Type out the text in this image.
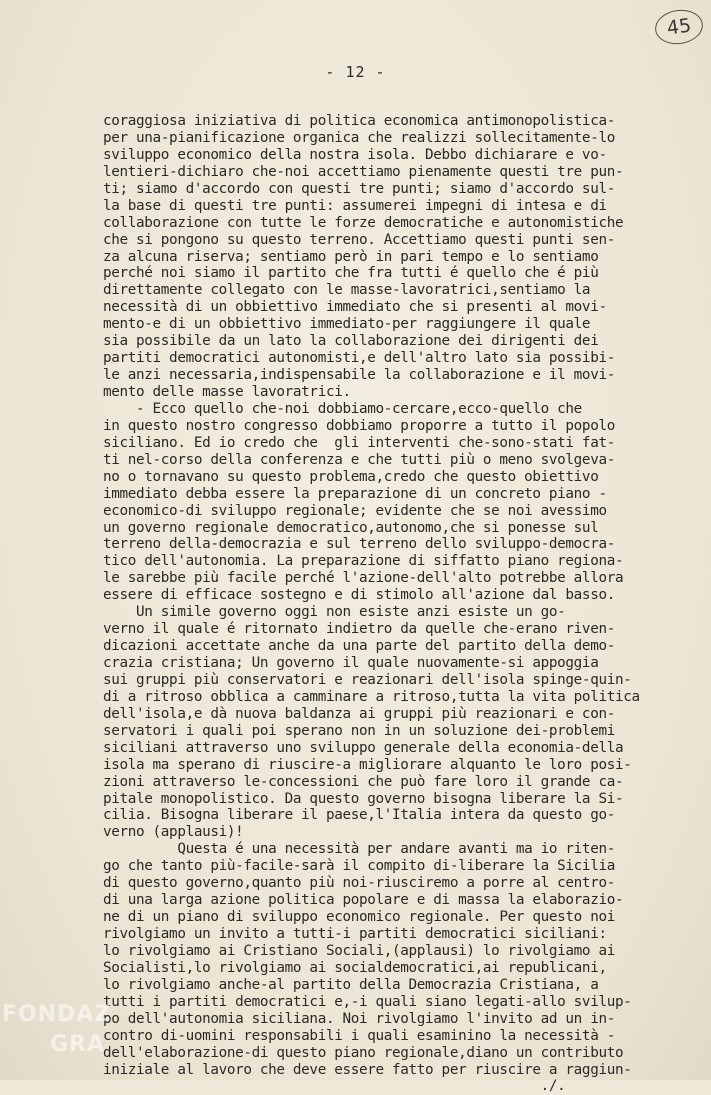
45
- 12 -
coraggiosa iniziativa di politica economica antimonopolistica-
per una-pianificazione organica che realizzi sollecitamente-lo
sviluppo economico della nostra isola. Debbo dichiarare e vo-
lentieri-dichiaro che-noi accettiamo pienamente questi tre pun-
ti; siamo d'accordo con questi tre punti; siamo d'accordo sul-
la base di questi tre punti: assumerei impegni di intesa e di
collaborazione con tutte le forze democratiche e autonomistiche
che si pongono su questo terreno. Accettiamo questi punti sen-
za alcuna riserva; sentiamo però in pari tempo e lo sentiamo
perché noi siamo il partito che fra tutti é quello che é più
direttamente collegato con le masse-lavoratrici,sentiamo la
necessità di un obbiettivo immediato che si presenti al movi-
mento-e di un obbiettivo immediato-per raggiungere il quale
sia possibile da un lato la collaborazione dei dirigenti dei
partiti democratici autonomisti,e dell'altro lato sia possibi-
le anzi necessaria,indispensabile la collaborazione e il movi-
mento delle masse lavoratrici.
- Ecco quello che-noi dobbiamo-cercare,ecco-quello che
in questo nostro congresso dobbiamo proporre a tutto il popolo
siciliano. Ed io credo che  gli interventi che-sono-stati fat-
ti nel-corso della conferenza e che tutti più o meno svolgeva-
no o tornavano su questo problema,credo che questo obiettivo
immediato debba essere la preparazione di un concreto piano -
economico-di sviluppo regionale; evidente che se noi avessimo
un governo regionale democratico,autonomo,che si ponesse sul
terreno della-democrazia e sul terreno dello sviluppo-democra-
tico dell'autonomia. La preparazione di siffatto piano regiona-
le sarebbe più facile perché l'azione-dell'alto potrebbe allora
essere di efficace sostegno e di stimolo all'azione dal basso.
Un simile governo oggi non esiste anzi esiste un go-
verno il quale é ritornato indietro da quelle che-erano riven-
dicazioni accettate anche da una parte del partito della demo-
crazia cristiana; Un governo il quale nuovamente-si appoggia
sui gruppi più conservatori e reazionari dell'isola spinge-quin-
di a ritroso obblica a camminare a ritroso,tutta la vita politica
dell'isola,e dà nuova baldanza ai gruppi più reazionari e con-
servatori i quali poi sperano non in un soluzione dei-problemi
siciliani attraverso uno sviluppo generale della economia-della
isola ma sperano di riuscire-a migliorare alquanto le loro posi-
zioni attraverso le-concessioni che può fare loro il grande ca-
pitale monopolistico. Da questo governo bisogna liberare la Si-
cilia. Bisogna liberare il paese,l'Italia intera da questo go-
verno (applausi)!
Questa é una necessità per andare avanti ma io riten-
go che tanto più-facile-sarà il compito di-liberare la Sicilia
di questo governo,quanto più noi-riusciremo a porre al centro-
di una larga azione politica popolare e di massa la elaborazio-
ne di un piano di sviluppo economico regionale. Per questo noi
rivolgiamo un invito a tutti-i partiti democratici siciliani:
lo rivolgiamo ai Cristiano Sociali,(applausi) lo rivolgiamo ai
Socialisti,lo rivolgiamo ai socialdemocratici,ai republicani,
lo rivolgiamo anche-al partito della Democrazia Cristiana, a
tutti i partiti democratici e,-i quali siano legati-allo svilup-
po dell'autonomia siciliana. Noi rivolgiamo l'invito ad un in-
contro di-uomini responsabili i quali esaminino la necessità -
dell'elaborazione-di questo piano regionale,diano un contributo
iniziale al lavoro che deve essere fatto per riuscire a raggiun-
./.
FONDAZ
GRA
